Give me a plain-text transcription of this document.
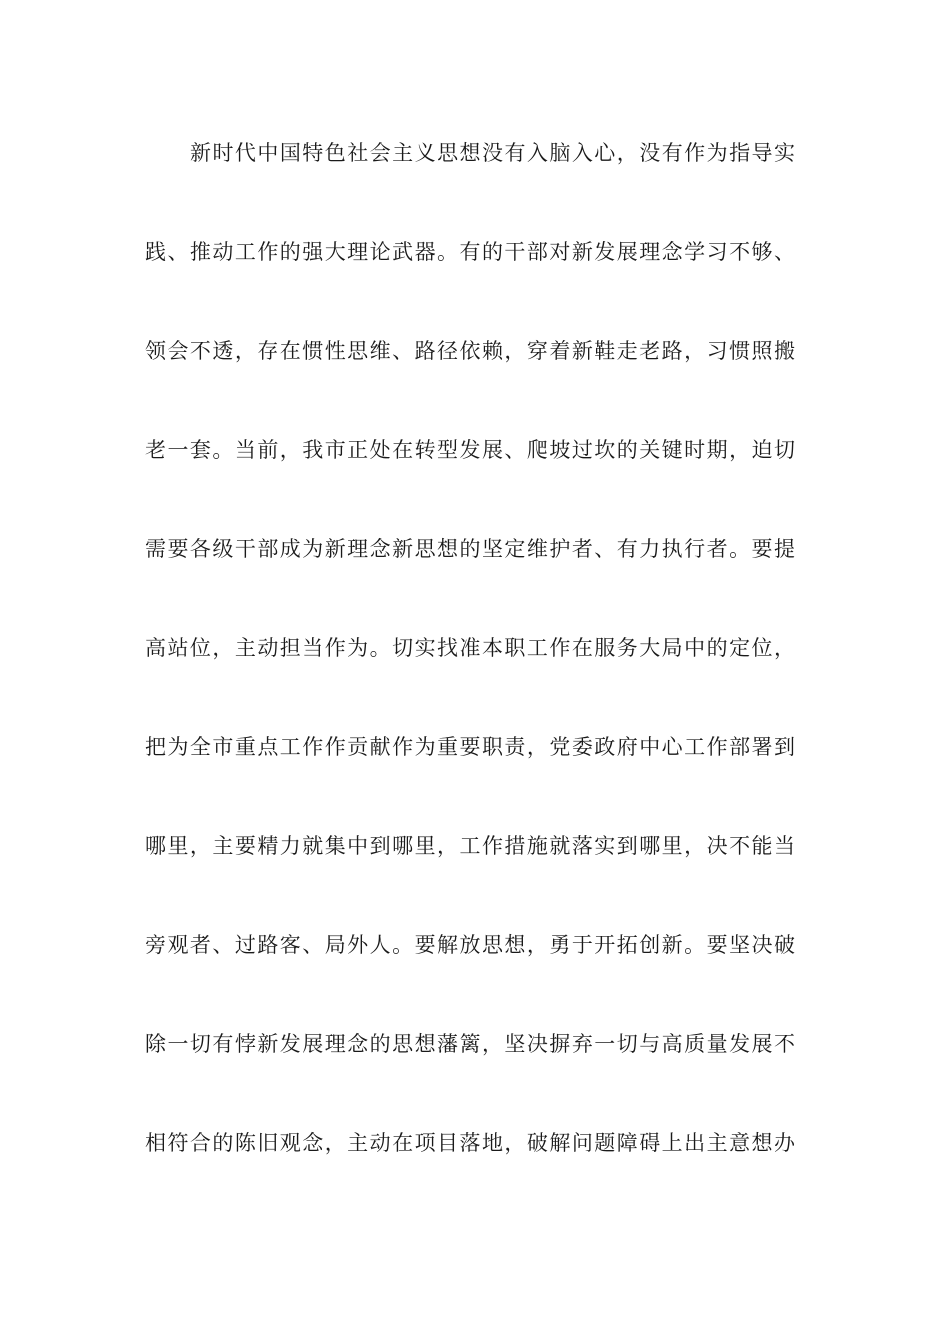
新时代中国特色社会主义思想没有入脑入心，没有作为指导实
践、推动工作的强大理论武器。有的干部对新发展理念学习不够、
领会不透，存在惯性思维、路径依赖，穿着新鞋走老路，习惯照搬
老一套。当前，我市正处在转型发展、爬坡过坎的关键时期，迫切
需要各级干部成为新理念新思想的坚定维护者、有力执行者。要提
高站位，主动担当作为。切实找准本职工作在服务大局中的定位，
把为全市重点工作作贡献作为重要职责，党委政府中心工作部署到
哪里，主要精力就集中到哪里，工作措施就落实到哪里，决不能当
旁观者、过路客、局外人。要解放思想，勇于开拓创新。要坚决破
除一切有悖新发展理念的思想藩篱，坚决摒弃一切与高质量发展不
相符合的陈旧观念，主动在项目落地，破解问题障碍上出主意想办
